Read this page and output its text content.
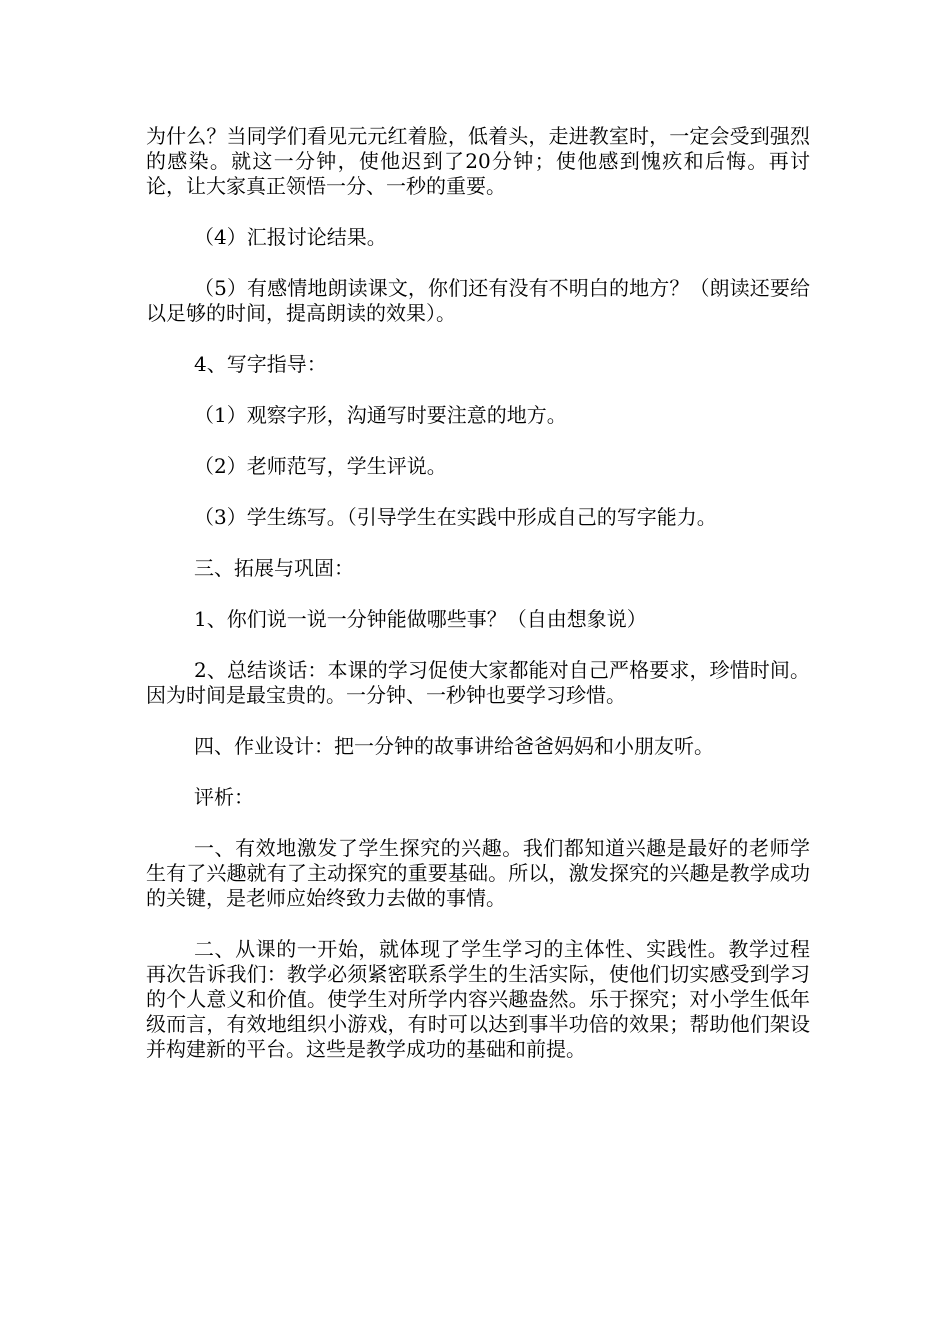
为什么？当同学们看见元元红着脸，低着头，走进教室时，一定会受到强烈的感染。就这一分钟，使他迟到了20分钟；使他感到愧疚和后悔。再讨论，让大家真正领悟一分、一秒的重要。

（4）汇报讨论结果。

（5）有感情地朗读课文，你们还有没有不明白的地方？（朗读还要给以足够的时间，提高朗读的效果）。

4、写字指导：

（1）观察字形，沟通写时要注意的地方。

（2）老师范写，学生评说。

（3）学生练写。（引导学生在实践中形成自己的写字能力。

三、拓展与巩固：

1、你们说一说一分钟能做哪些事？（自由想象说）

2、总结谈话：本课的学习促使大家都能对自己严格要求，珍惜时间。因为时间是最宝贵的。一分钟、一秒钟也要学习珍惜。

四、作业设计：把一分钟的故事讲给爸爸妈妈和小朋友听。

评析：

一、有效地激发了学生探究的兴趣。我们都知道兴趣是最好的老师学生有了兴趣就有了主动探究的重要基础。所以，激发探究的兴趣是教学成功的关键，是老师应始终致力去做的事情。

二、从课的一开始，就体现了学生学习的主体性、实践性。教学过程再次告诉我们：教学必须紧密联系学生的生活实际，使他们切实感受到学习的个人意义和价值。使学生对所学内容兴趣盎然。乐于探究；对小学生低年级而言，有效地组织小游戏，有时可以达到事半功倍的效果；帮助他们架设并构建新的平台。这些是教学成功的基础和前提。
